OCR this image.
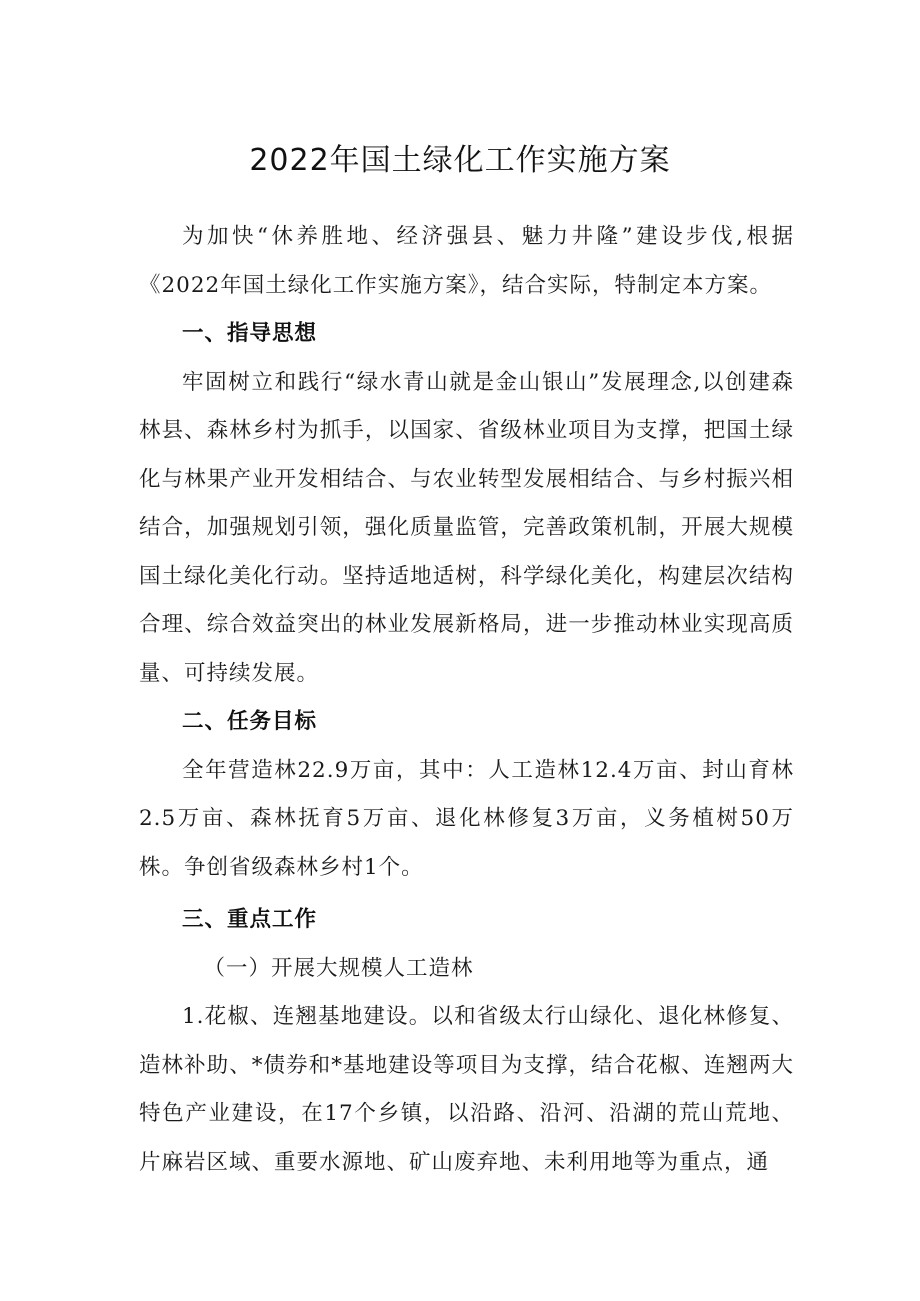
2022年国土绿化工作实施方案

为加快“休养胜地、经济强县、魅力井隆”建设步伐,根据《2022年国土绿化工作实施方案》，结合实际，特制定本方案。

一、指导思想

牢固树立和践行“绿水青山就是金山银山”发展理念,以创建森林县、森林乡村为抓手，以国家、省级林业项目为支撑，把国土绿化与林果产业开发相结合、与农业转型发展相结合、与乡村振兴相结合，加强规划引领，强化质量监管，完善政策机制，开展大规模国土绿化美化行动。坚持适地适树，科学绿化美化，构建层次结构合理、综合效益突出的林业发展新格局，进一步推动林业实现高质量、可持续发展。

二、任务目标

全年营造林22.9万亩，其中：人工造林12.4万亩、封山育林2.5万亩、森林抚育5万亩、退化林修复3万亩，义务植树50万株。争创省级森林乡村1个。

三、重点工作

（一）开展大规模人工造林

1.花椒、连翘基地建设。以和省级太行山绿化、退化林修复、造林补助、*债券和*基地建设等项目为支撑，结合花椒、连翘两大特色产业建设，在17个乡镇，以沿路、沿河、沿湖的荒山荒地、片麻岩区域、重要水源地、矿山废弃地、未利用地等为重点，通
